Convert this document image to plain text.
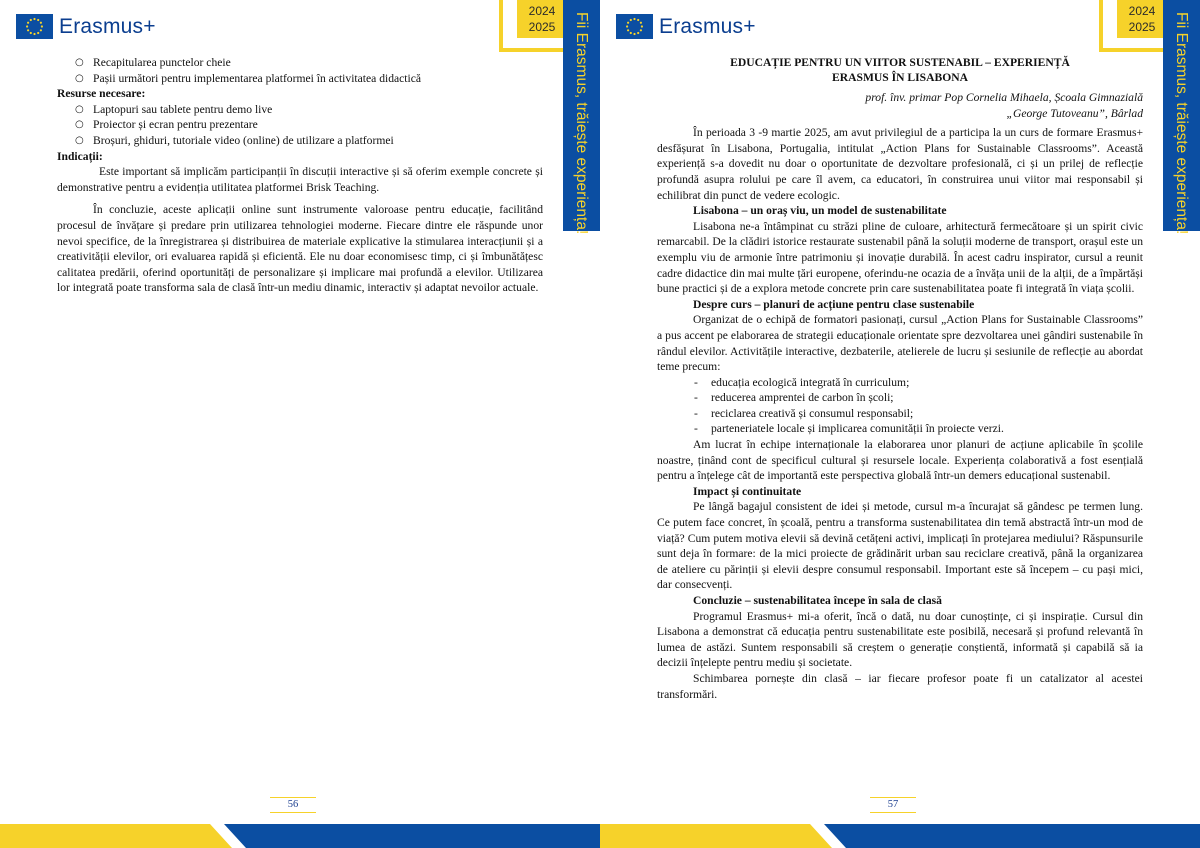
Erasmus+
2024
2025	Fii Erasmus, trăiește experiența!
○ Recapitularea punctelor cheie
○ Pașii următori pentru implementarea platformei în activitatea didactică

Resurse necesare:

○ Laptopuri sau tablete pentru demo live
○ Proiector și ecran pentru prezentare
○ Broșuri, ghiduri, tutoriale video (online) de utilizare a platformei

Indicații:

Este important să implicăm participanții în discuții interactive și să oferim exemple concrete și demonstrative pentru a evidenția utilitatea platformei Brisk Teaching.

În concluzie, aceste aplicații online sunt instrumente valoroase pentru educație, facilitând procesul de învățare și predare prin utilizarea tehnologiei moderne. Fiecare dintre ele răspunde unor nevoi specifice, de la înregistrarea și distribuirea de materiale explicative la stimularea interacțiunii și a creativității elevilor, ori evaluarea rapidă și eficientă. Ele nu doar economisesc timp, ci și îmbunătățesc calitatea predării, oferind oportunități de personalizare și implicare mai profundă a elevilor. Utilizarea lor integrată poate transforma sala de clasă într-un mediu dinamic, interactiv și adaptat nevoilor actuale.

56
Erasmus+
2024
2025	Fii Erasmus, trăiește experiența!
EDUCAȚIE PENTRU UN VIITOR SUSTENABIL – EXPERIENȚĂ
ERASMUS ÎN LISABONA
prof. înv. primar Pop Cornelia Mihaela, Școala Gimnazială
„George Tutoveanu”, Bârlad

În perioada 3 -9 martie 2025, am avut privilegiul de a participa la un curs de formare Erasmus+ desfășurat în Lisabona, Portugalia, intitulat „Action Plans for Sustainable Classrooms”. Această experiență s-a dovedit nu doar o oportunitate de dezvoltare profesională, ci și un prilej de reflecție profundă asupra rolului pe care îl avem, ca educatori, în construirea unui viitor mai responsabil și echilibrat din punct de vedere ecologic.

Lisabona – un oraș viu, un model de sustenabilitate

Lisabona ne-a întâmpinat cu străzi pline de culoare, arhitectură fermecătoare și un spirit civic remarcabil. De la clădiri istorice restaurate sustenabil până la soluții moderne de transport, orașul este un exemplu viu de armonie între patrimoniu și inovație durabilă. În acest cadru inspirator, cursul a reunit cadre didactice din mai multe țări europene, oferindu-ne ocazia de a învăța unii de la alții, de a împărtăși bune practici și de a explora metode concrete prin care sustenabilitatea poate fi integrată în viața școlii.

Despre curs – planuri de acțiune pentru clase sustenabile

Organizat de o echipă de formatori pasionați, cursul „Action Plans for Sustainable Classrooms” a pus accent pe elaborarea de strategii educaționale orientate spre dezvoltarea unei gândiri sustenabile în rândul elevilor. Activitățile interactive, dezbaterile, atelierele de lucru și sesiunile de reflecție au abordat teme precum:

- educația ecologică integrată în curriculum;
- reducerea amprentei de carbon în școli;
- reciclarea creativă și consumul responsabil;
- parteneriatele locale și implicarea comunității în proiecte verzi.

Am lucrat în echipe internaționale la elaborarea unor planuri de acțiune aplicabile în școlile noastre, ținând cont de specificul cultural și resursele locale. Experiența colaborativă a fost esențială pentru a înțelege cât de importantă este perspectiva globală într-un demers educațional sustenabil.

Impact și continuitate

Pe lângă bagajul consistent de idei și metode, cursul m-a încurajat să gândesc pe termen lung. Ce putem face concret, în școală, pentru a transforma sustenabilitatea din temă abstractă într-un mod de viață? Cum putem motiva elevii să devină cetățeni activi, implicați în protejarea mediului? Răspunsurile sunt deja în formare: de la mici proiecte de grădinărit urban sau reciclare creativă, până la organizarea de ateliere cu părinții și elevii despre consumul responsabil. Important este să începem – cu pași mici, dar consecvenți.

Concluzie – sustenabilitatea începe în sala de clasă

Programul Erasmus+ mi-a oferit, încă o dată, nu doar cunoștințe, ci și inspirație. Cursul din Lisabona a demonstrat că educația pentru sustenabilitate este posibilă, necesară și profund relevantă în lumea de astăzi. Suntem responsabili să creștem o generație conștientă, informată și capabilă să ia decizii înțelepte pentru mediu și societate.

Schimbarea pornește din clasă – iar fiecare profesor poate fi un catalizator al acestei transformări.

57
